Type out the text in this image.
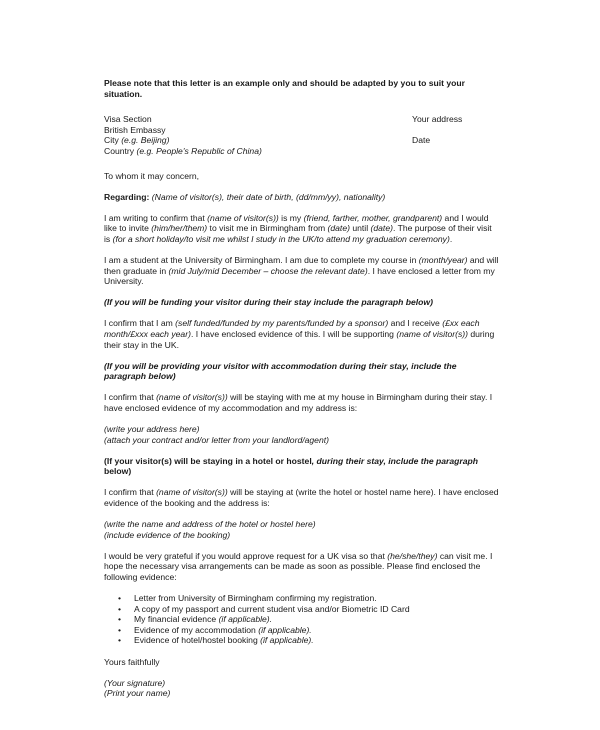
Please note that this letter is an example only and should be adapted by you to suit your situation.

Visa Section
British Embassy
City (e.g. Beijing)
Country (e.g. People's Republic of China)
Your address
Date

To whom it may concern,

Regarding: (Name of visitor(s), their date of birth, (dd/mm/yy), nationality)

I am writing to confirm that (name of visitor(s)) is my (friend, farther, mother, grandparent) and I would like to invite (him/her/them) to visit me in Birmingham from (date) until (date). The purpose of their visit is (for a short holiday/to visit me whilst I study in the UK/to attend my graduation ceremony).

I am a student at the University of Birmingham. I am due to complete my course in (month/year) and will then graduate in (mid July/mid December – choose the relevant date). I have enclosed a letter from my University.

(If you will be funding your visitor during their stay include the paragraph below)

I confirm that I am (self funded/funded by my parents/funded by a sponsor) and I receive (£xx each month/£xxx each year). I have enclosed evidence of this. I will be supporting (name of visitor(s)) during their stay in the UK.

(If you will be providing your visitor with accommodation during their stay, include the paragraph below)

I confirm that (name of visitor(s)) will be staying with me at my house in Birmingham during their stay. I have enclosed evidence of my accommodation and my address is:

(write your address here)
(attach your contract and/or letter from your landlord/agent)

(If your visitor(s) will be staying in a hotel or hostel, during their stay, include the paragraph
below)

I confirm that (name of visitor(s)) will be staying at (write the hotel or hostel name here). I have enclosed evidence of the booking and the address is:

(write the name and address of the hotel or hostel here)
(include evidence of the booking)

I would be very grateful if you would approve request for a UK visa so that (he/she/they) can visit me. I hope the necessary visa arrangements can be made as soon as possible. Please find enclosed the following evidence:

• Letter from University of Birmingham confirming my registration.
• A copy of my passport and current student visa and/or Biometric ID Card
• My financial evidence (if applicable).
• Evidence of my accommodation (if applicable).
• Evidence of hotel/hostel booking (if applicable).

Yours faithfully

(Your signature)
(Print your name)
